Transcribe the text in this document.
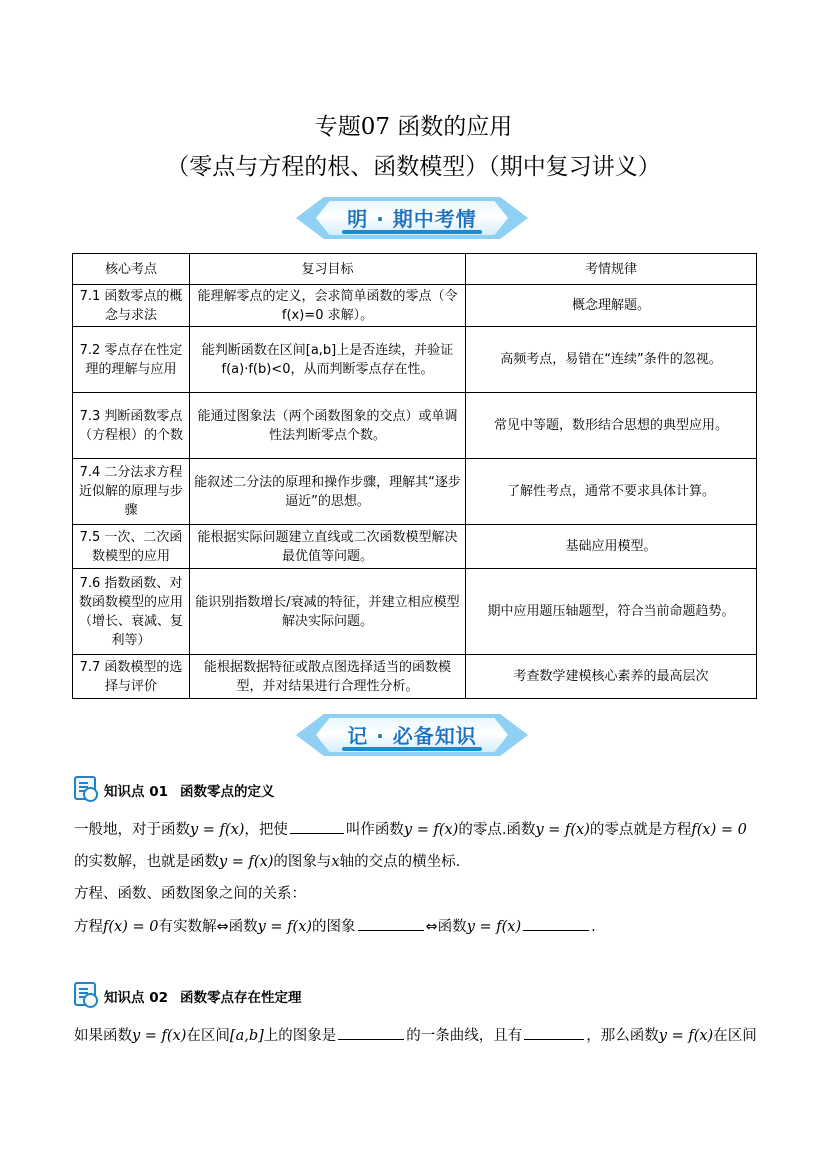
专题07 函数的应用
（零点与方程的根、函数模型）（期中复习讲义）
明 · 期中考情
核心考点	复习目标	考情规律
7.1 函数零点的概念与求法	能理解零点的定义，会求简单函数的零点（令 f(x)=0 求解）。	概念理解题。
7.2 零点存在性定理的理解与应用	能判断函数在区间[a,b]上是否连续，并验证 f(a)·f(b)<0，从而判断零点存在性。	高频考点，易错在“连续”条件的忽视。
7.3 判断函数零点（方程根）的个数	能通过图象法（两个函数图象的交点）或单调性法判断零点个数。	常见中等题，数形结合思想的典型应用。
7.4 二分法求方程近似解的原理与步骤	能叙述二分法的原理和操作步骤，理解其“逐步逼近”的思想。	了解性考点，通常不要求具体计算。
7.5 一次、二次函数模型的应用	能根据实际问题建立直线或二次函数模型解决最优值等问题。	基础应用模型。
7.6 指数函数、对数函数模型的应用（增长、衰减、复利等）	能识别指数增长/衰减的特征，并建立相应模型解决实际问题。	期中应用题压轴题型，符合当前命题趋势。
7.7 函数模型的选择与评价	能根据数据特征或散点图选择适当的函数模型，并对结果进行合理性分析。	考查数学建模核心素养的最高层次
记 · 必备知识
知识点 01 函数零点的定义
一般地，对于函数y = f(x)，把使	叫作函数y = f(x)的零点.函数y = f(x)的零点就是方程f(x) = 0
的实数解，也就是函数y = f(x)的图象与x轴的交点的横坐标.
方程、函数、函数图象之间的关系：
方程f(x) = 0有实数解⇔函数y = f(x)的图象	⇔函数y = f(x)	.
知识点 02 函数零点存在性定理
如果函数y = f(x)在区间[a,b]上的图象是	的一条曲线，且有	，那么函数y = f(x)在区间
